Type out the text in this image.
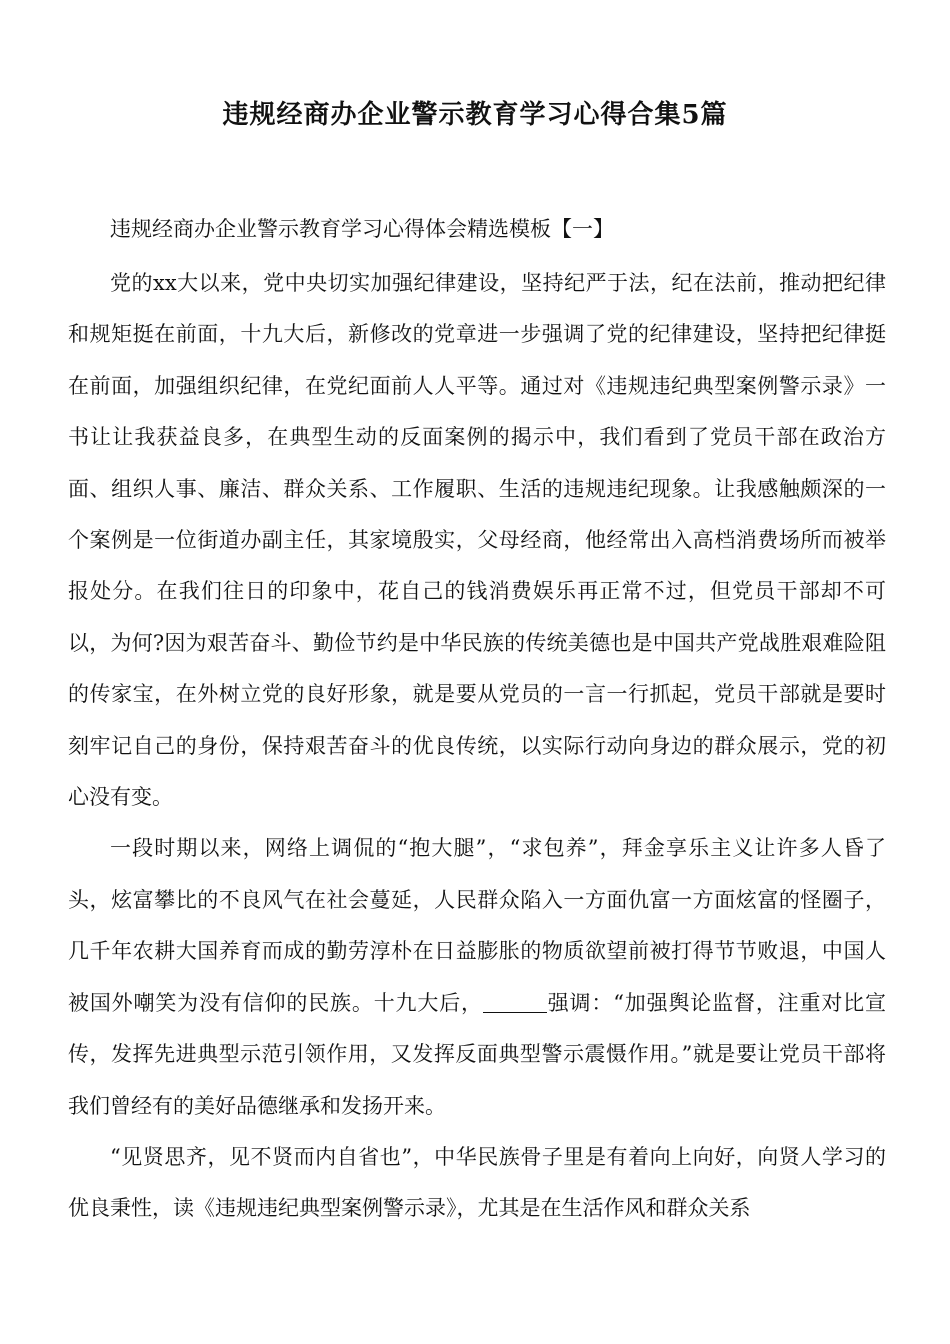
违规经商办企业警示教育学习心得合集5篇

违规经商办企业警示教育学习心得体会精选模板【一】

党的xx大以来，党中央切实加强纪律建设，坚持纪严于法，纪在法前，推动把纪律和规矩挺在前面，十九大后，新修改的党章进一步强调了党的纪律建设，坚持把纪律挺在前面，加强组织纪律，在党纪面前人人平等。通过对《违规违纪典型案例警示录》一书让让我获益良多，在典型生动的反面案例的揭示中，我们看到了党员干部在政治方面、组织人事、廉洁、群众关系、工作履职、生活的违规违纪现象。让我感触颇深的一个案例是一位街道办副主任，其家境殷实，父母经商，他经常出入高档消费场所而被举报处分。在我们往日的印象中，花自己的钱消费娱乐再正常不过，但党员干部却不可以，为何?因为艰苦奋斗、勤俭节约是中华民族的传统美德也是中国共产党战胜艰难险阻的传家宝，在外树立党的良好形象，就是要从党员的一言一行抓起，党员干部就是要时刻牢记自己的身份，保持艰苦奋斗的优良传统，以实际行动向身边的群众展示，党的初心没有变。

一段时期以来，网络上调侃的“抱大腿”，“求包养”，拜金享乐主义让许多人昏了头，炫富攀比的不良风气在社会蔓延，人民群众陷入一方面仇富一方面炫富的怪圈子，几千年农耕大国养育而成的勤劳淳朴在日益膨胀的物质欲望前被打得节节败退，中国人被国外嘲笑为没有信仰的民族。十九大后，	强调：“加强舆论监督，注重对比宣传，发挥先进典型示范引领作用，又发挥反面典型警示震慑作用。”就是要让党员干部将我们曾经有的美好品德继承和发扬开来。

“见贤思齐，见不贤而内自省也”，中华民族骨子里是有着向上向好，向贤人学习的优良秉性，读《违规违纪典型案例警示录》，尤其是在生活作风和群众关系
